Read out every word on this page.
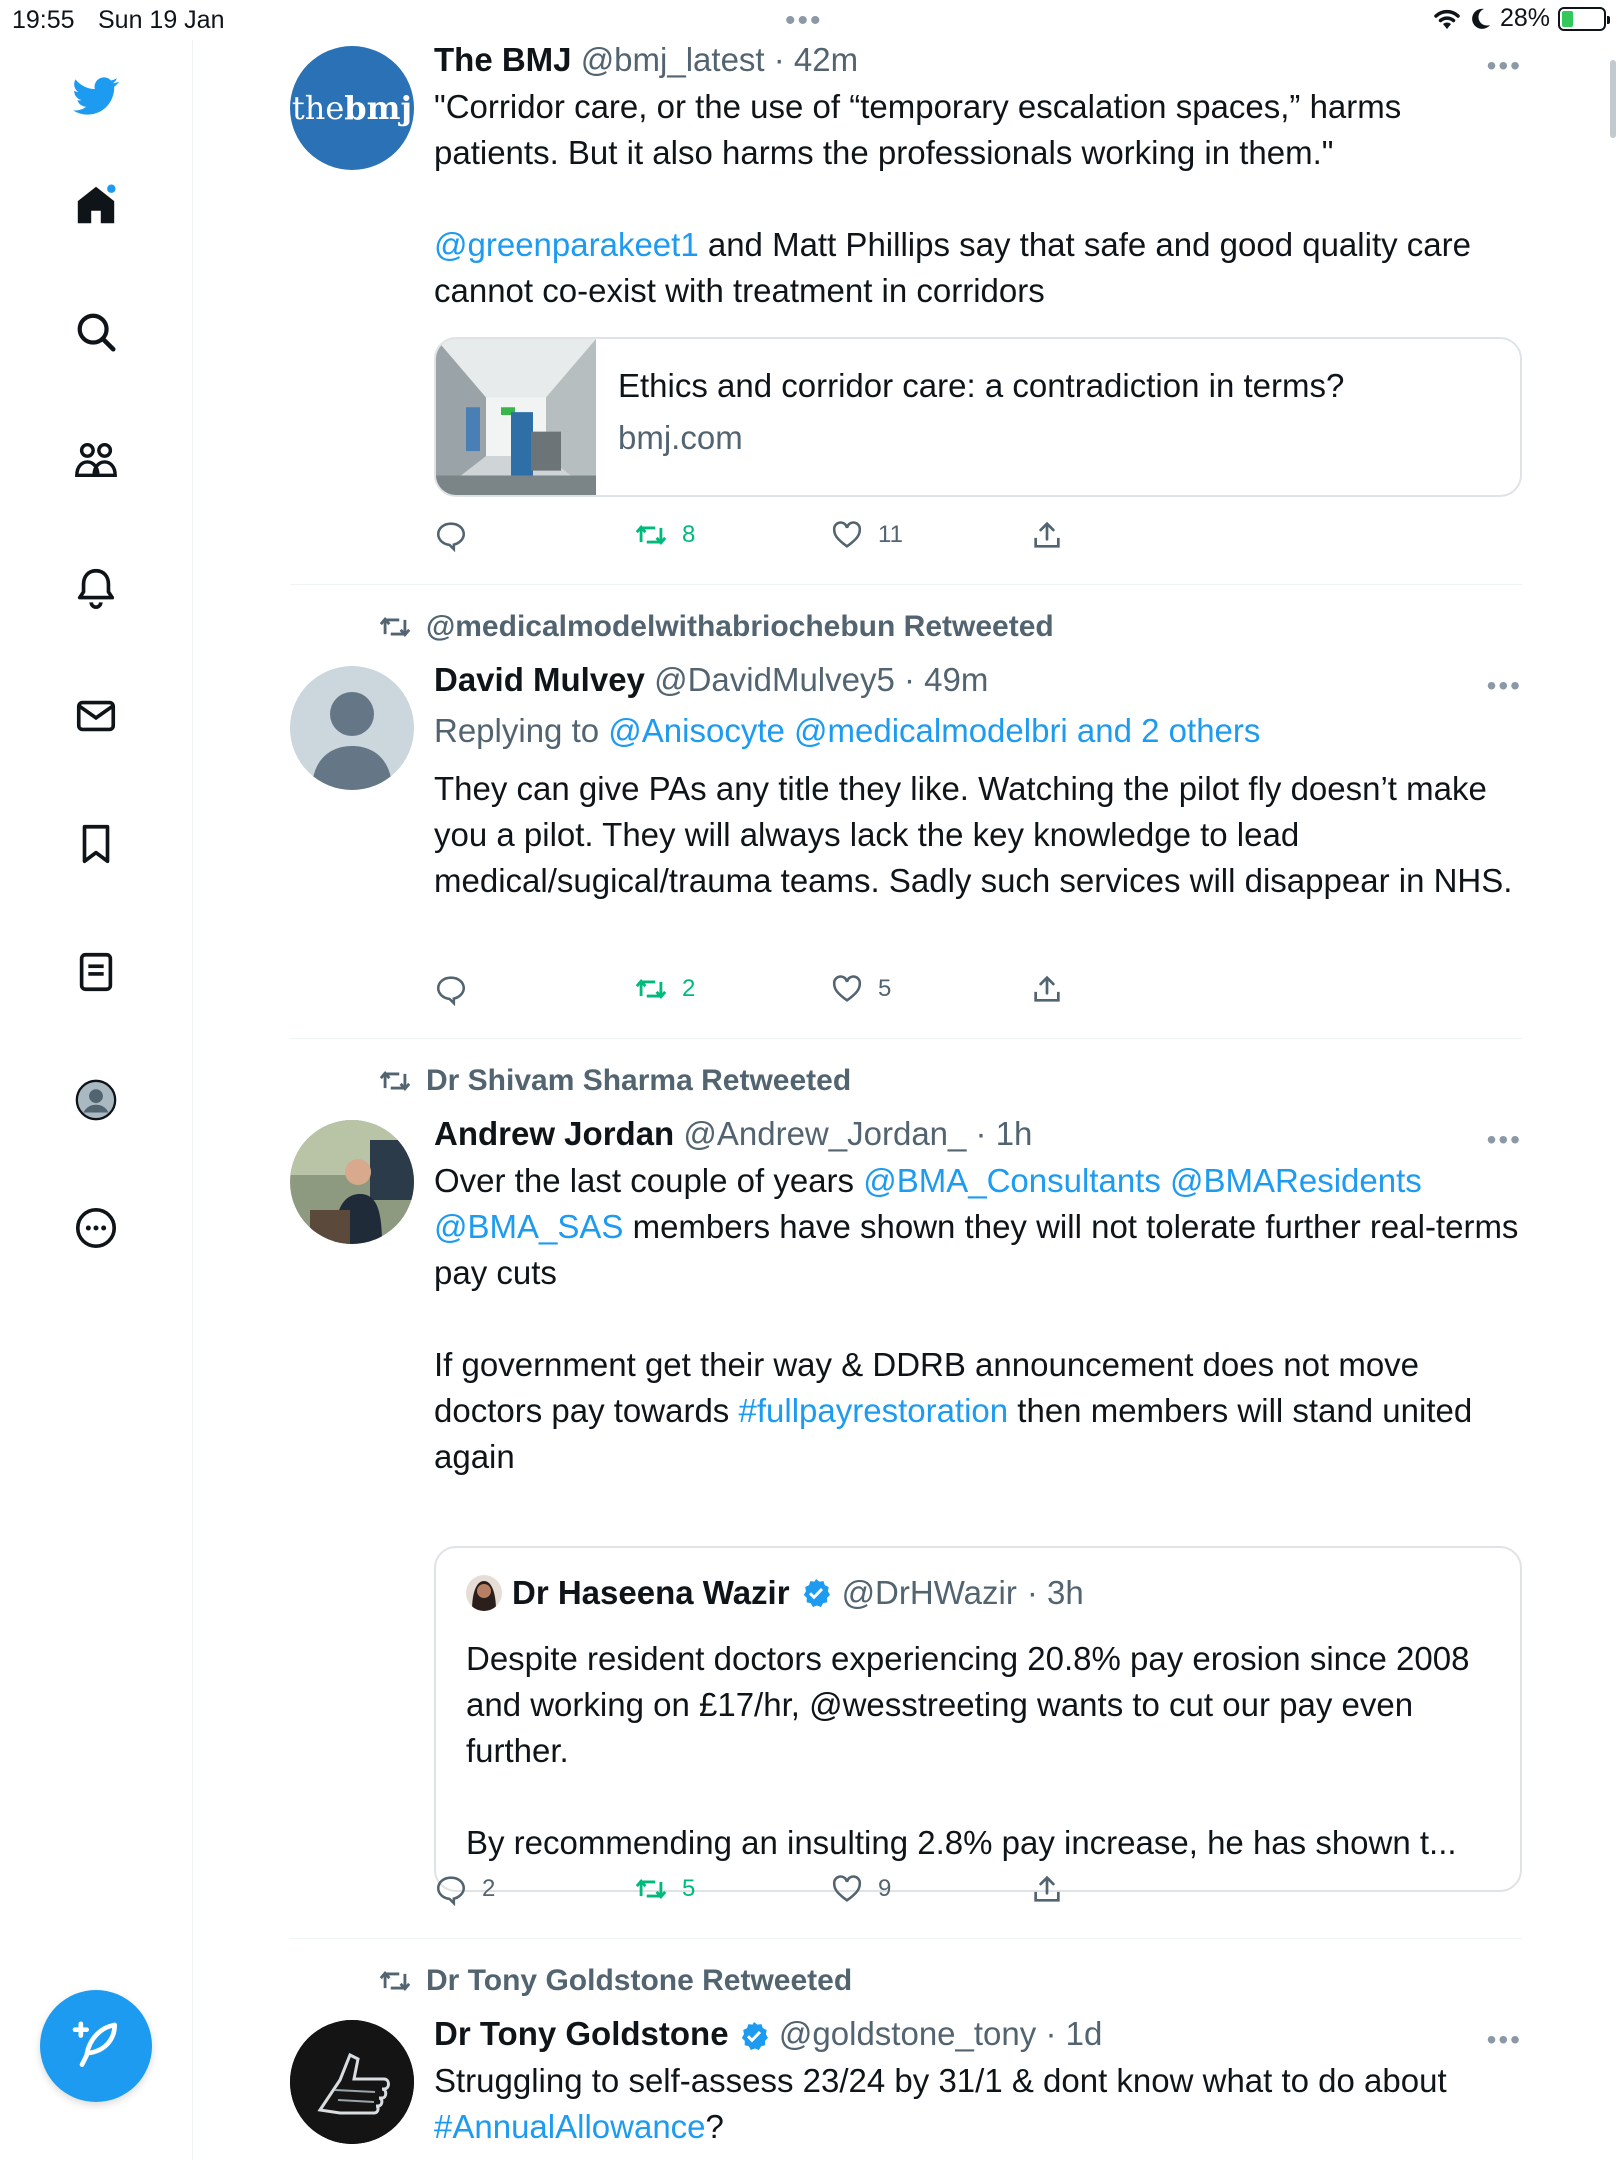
19:55 Sun 19 Jan	•••	28%
thebmj
The BMJ @bmj_latest · 42m	•••
"Corridor care, or the use of “temporary escalation spaces,” harms patients. But it also harms the professionals working in them."

@greenparakeet1 and Matt Phillips say that safe and good quality care cannot co-exist with treatment in corridors
Ethics and corridor care: a contradiction in terms?
bmj.com
8	11
@medicalmodelwithabriochebun Retweeted
David Mulvey @DavidMulvey5 · 49m	•••
Replying to @Anisocyte @medicalmodelbri and 2 others
They can give PAs any title they like. Watching the pilot fly doesn’t make you a pilot. They will always lack the key knowledge to lead medical/sugical/trauma teams. Sadly such services will disappear in NHS.
2	5
Dr Shivam Sharma Retweeted
Andrew Jordan @Andrew_Jordan_ · 1h	•••
Over the last couple of years @BMA_Consultants @BMAResidents @BMA_SAS members have shown they will not tolerate further real-terms pay cuts

If government get their way & DDRB announcement does not move doctors pay towards #fullpayrestoration then members will stand united again
Dr Haseena Wazir @DrHWazir · 3h
Despite resident doctors experiencing 20.8% pay erosion since 2008 and working on £17/hr, @wesstreeting wants to cut our pay even further.

By recommending an insulting 2.8% pay increase, he has shown t...
2	5	9
Dr Tony Goldstone Retweeted
Dr Tony Goldstone @goldstone_tony · 1d	•••
Struggling to self-assess 23/24 by 31/1 & dont know what to do about #AnnualAllowance?
